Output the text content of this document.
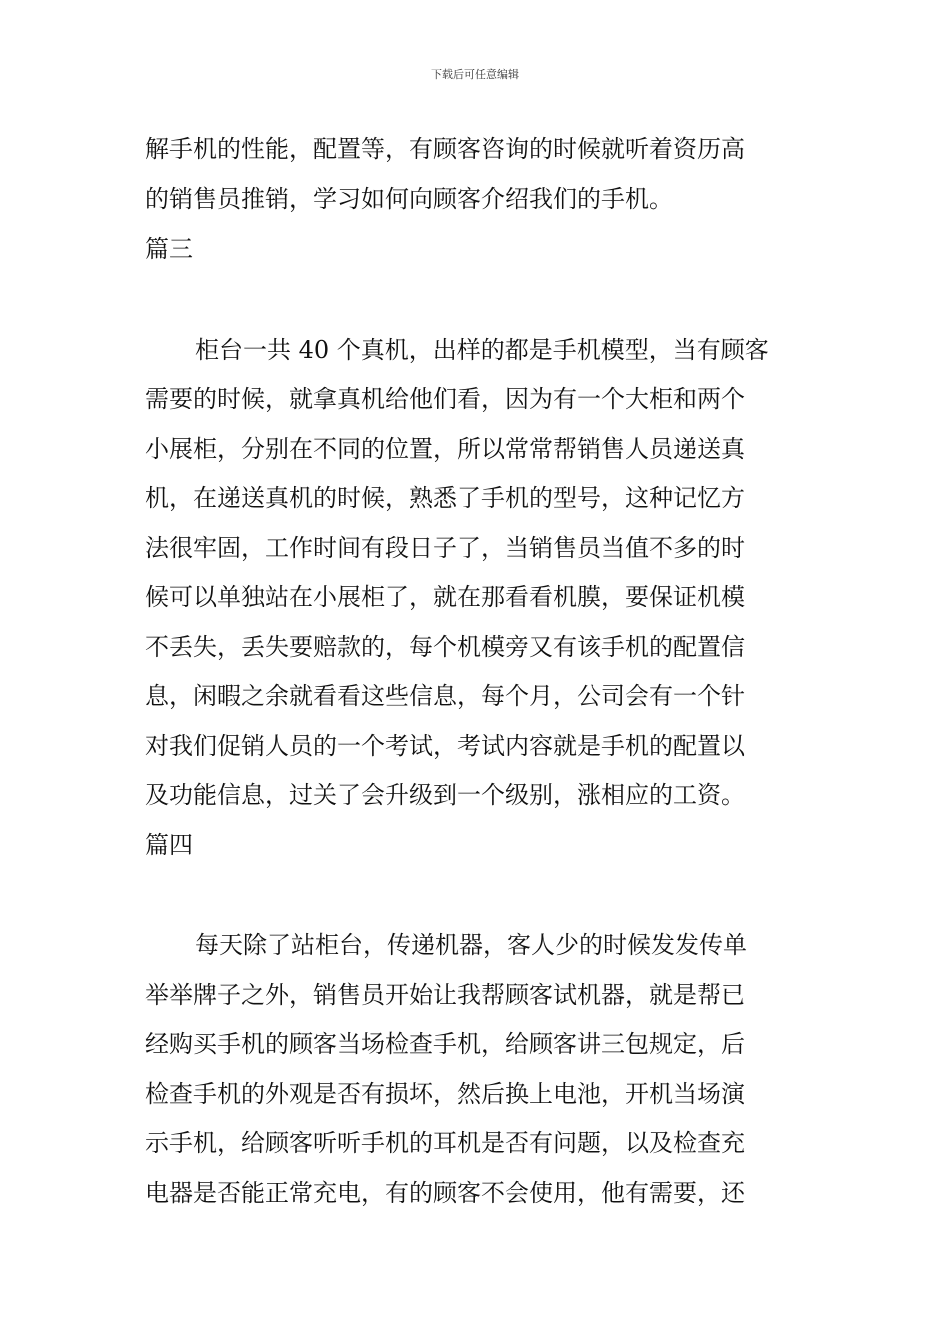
下载后可任意编辑
解手机的性能，配置等，有顾客咨询的时候就听着资历高
的销售员推销，学习如何向顾客介绍我们的手机。
篇三
柜台一共 40 个真机，出样的都是手机模型，当有顾客
需要的时候，就拿真机给他们看，因为有一个大柜和两个
小展柜，分别在不同的位置，所以常常帮销售人员递送真
机，在递送真机的时候，熟悉了手机的型号，这种记忆方
法很牢固，工作时间有段日子了，当销售员当值不多的时
候可以单独站在小展柜了，就在那看看机膜，要保证机模
不丢失，丢失要赔款的，每个机模旁又有该手机的配置信
息，闲暇之余就看看这些信息，每个月，公司会有一个针
对我们促销人员的一个考试，考试内容就是手机的配置以
及功能信息，过关了会升级到一个级别，涨相应的工资。
篇四
每天除了站柜台，传递机器，客人少的时候发发传单
举举牌子之外，销售员开始让我帮顾客试机器，就是帮已
经购买手机的顾客当场检查手机，给顾客讲三包规定，后
检查手机的外观是否有损坏，然后换上电池，开机当场演
示手机，给顾客听听手机的耳机是否有问题，以及检查充
电器是否能正常充电，有的顾客不会使用，他有需要，还
